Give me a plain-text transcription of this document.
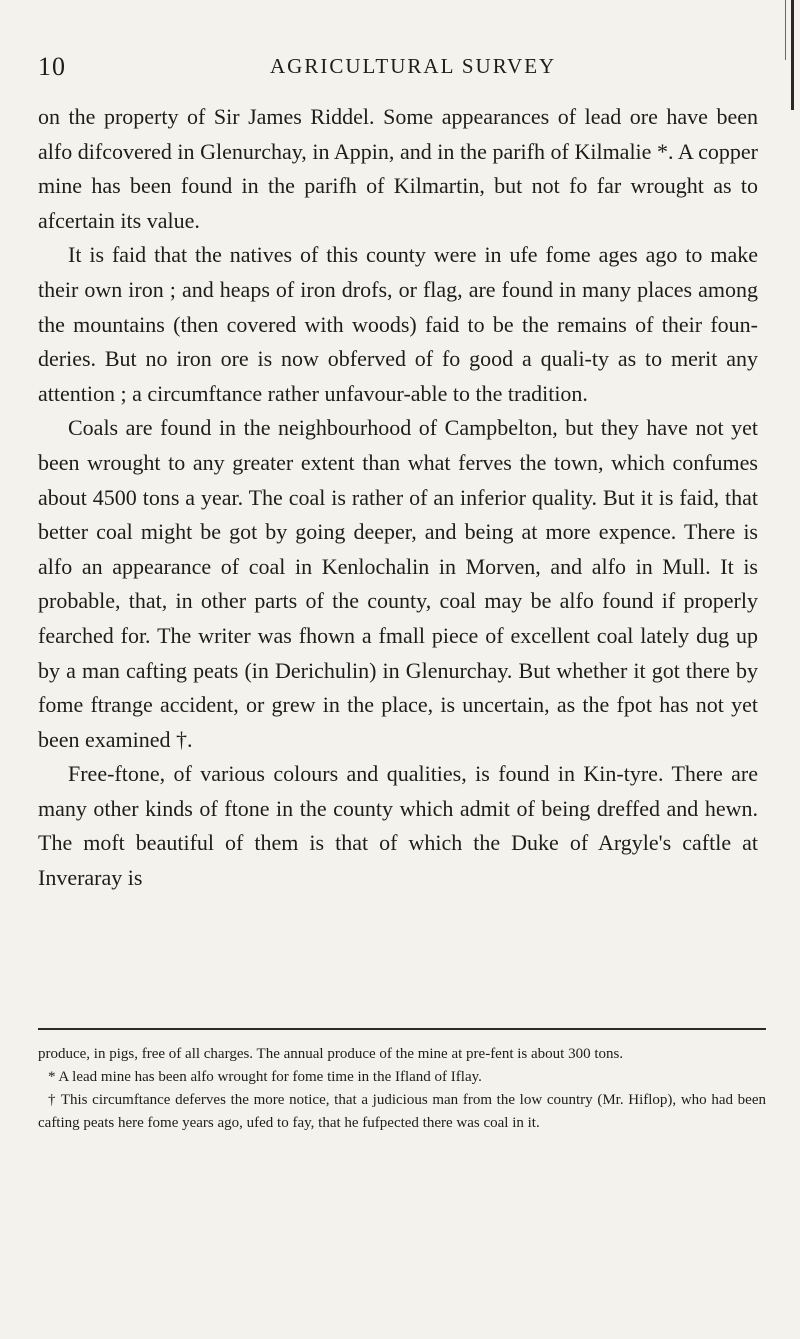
10	AGRICULTURAL SURVEY

on the property of Sir James Riddel. Some appearances of lead ore have been alfo difcovered in Glenurchay, in Appin, and in the parifh of Kilmalie *. A copper mine has been found in the parifh of Kilmartin, but not fo far wrought as to afcertain its value.

It is faid that the natives of this county were in ufe fome ages ago to make their own iron ; and heaps of iron drofs, or flag, are found in many places among the mountains (then covered with woods) faid to be the remains of their foun-deries. But no iron ore is now obferved of fo good a quali-ty as to merit any attention ; a circumftance rather unfavour-able to the tradition.

Coals are found in the neighbourhood of Campbelton, but they have not yet been wrought to any greater extent than what ferves the town, which confumes about 4500 tons a year. The coal is rather of an inferior quality. But it is faid, that better coal might be got by going deeper, and being at more expence. There is alfo an appearance of coal in Kenlochalin in Morven, and alfo in Mull. It is probable, that, in other parts of the county, coal may be alfo found if properly fearched for. The writer was fhown a fmall piece of excellent coal lately dug up by a man cafting peats (in Derichulin) in Glenurchay. But whether it got there by fome ftrange accident, or grew in the place, is uncertain, as the fpot has not yet been examined †.

Free-ftone, of various colours and qualities, is found in Kin-tyre. There are many other kinds of ftone in the county which admit of being dreffed and hewn. The moft beautiful of them is that of which the Duke of Argyle's caftle at Inveraray is

produce, in pigs, free of all charges. The annual produce of the mine at pre-fent is about 300 tons.

* A lead mine has been alfo wrought for fome time in the Ifland of Iflay.

† This circumftance deferves the more notice, that a judicious man from the low country (Mr. Hiflop), who had been cafting peats here fome years ago, ufed to fay, that he fufpected there was coal in it.
